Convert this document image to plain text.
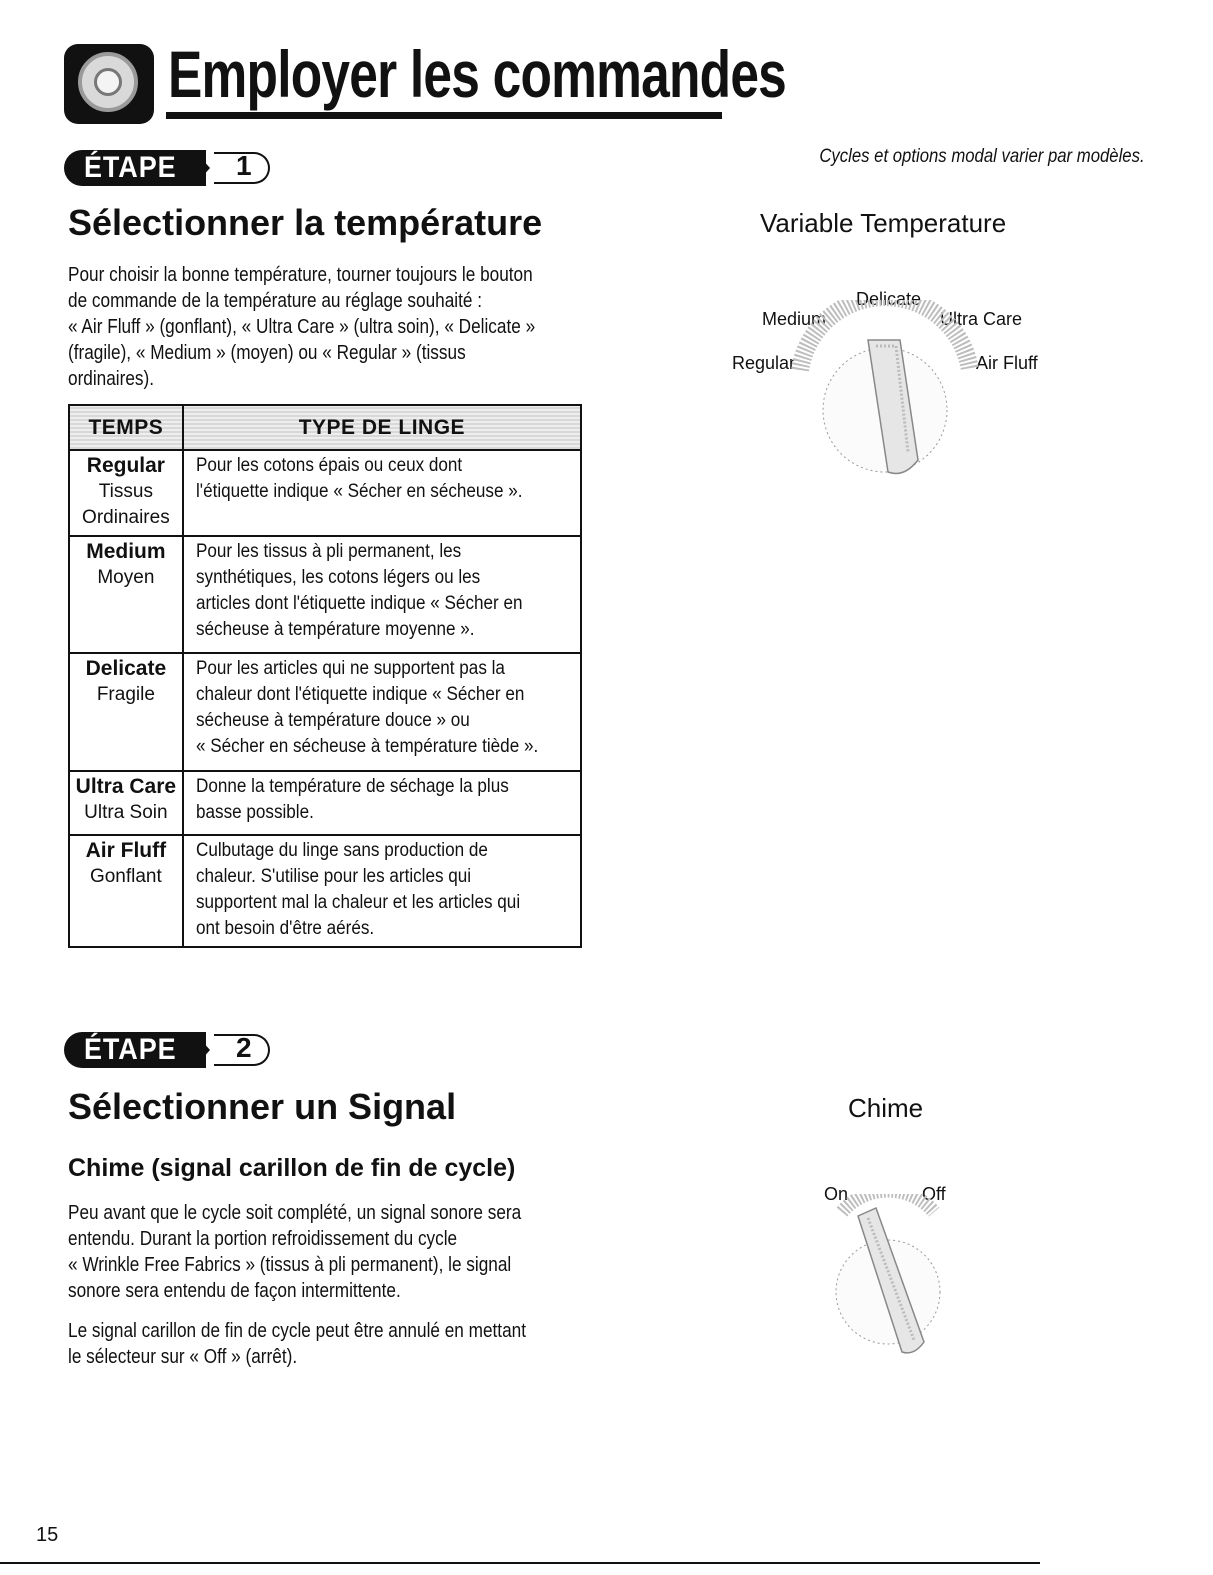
Employer les commandes
Cycles et options modal varier par modèles.
ÉTAPE 1
Sélectionner la température

Pour choisir la bonne température, tourner toujours le bouton

de commande de la température au réglage souhaité :

« Air Fluff » (gonflant), « Ultra Care » (ultra soin), « Delicate »

(fragile), « Medium » (moyen) ou « Regular » (tissus

ordinaires).

TEMPS	TYPE DE LINGE

Regular
Tissus
Ordinaires	Pour les cotons épais ou ceux dont
l'étiquette indique « Sécher en sécheuse ».

Medium
Moyen	Pour les tissus à pli permanent, les
synthétiques, les cotons légers ou les
articles dont l'étiquette indique « Sécher en
sécheuse à température moyenne ».

Delicate
Fragile	Pour les articles qui ne supportent pas la
chaleur dont l'étiquette indique « Sécher en
sécheuse à température douce » ou
« Sécher en sécheuse à température tiède ».

Ultra Care
Ultra Soin	Donne la température de séchage la plus
basse possible.

Air Fluff
Gonflant	Culbutage du linge sans production de
chaleur. S'utilise pour les articles qui
supportent mal la chaleur et les articles qui
ont besoin d'être aérés.
Variable Temperature
Delicate
Medium	Ultra Care
Regular	Air Fluff
ÉTAPE 2
Sélectionner un Signal
Chime (signal carillon de fin de cycle)

Peu avant que le cycle soit complété, un signal sonore sera

entendu. Durant la portion refroidissement du cycle

« Wrinkle Free Fabrics » (tissus à pli permanent), le signal

sonore sera entendu de façon intermittente.

Le signal carillon de fin de cycle peut être annulé en mettant

le sélecteur sur « Off » (arrêt).

Chime
On	Off
15
